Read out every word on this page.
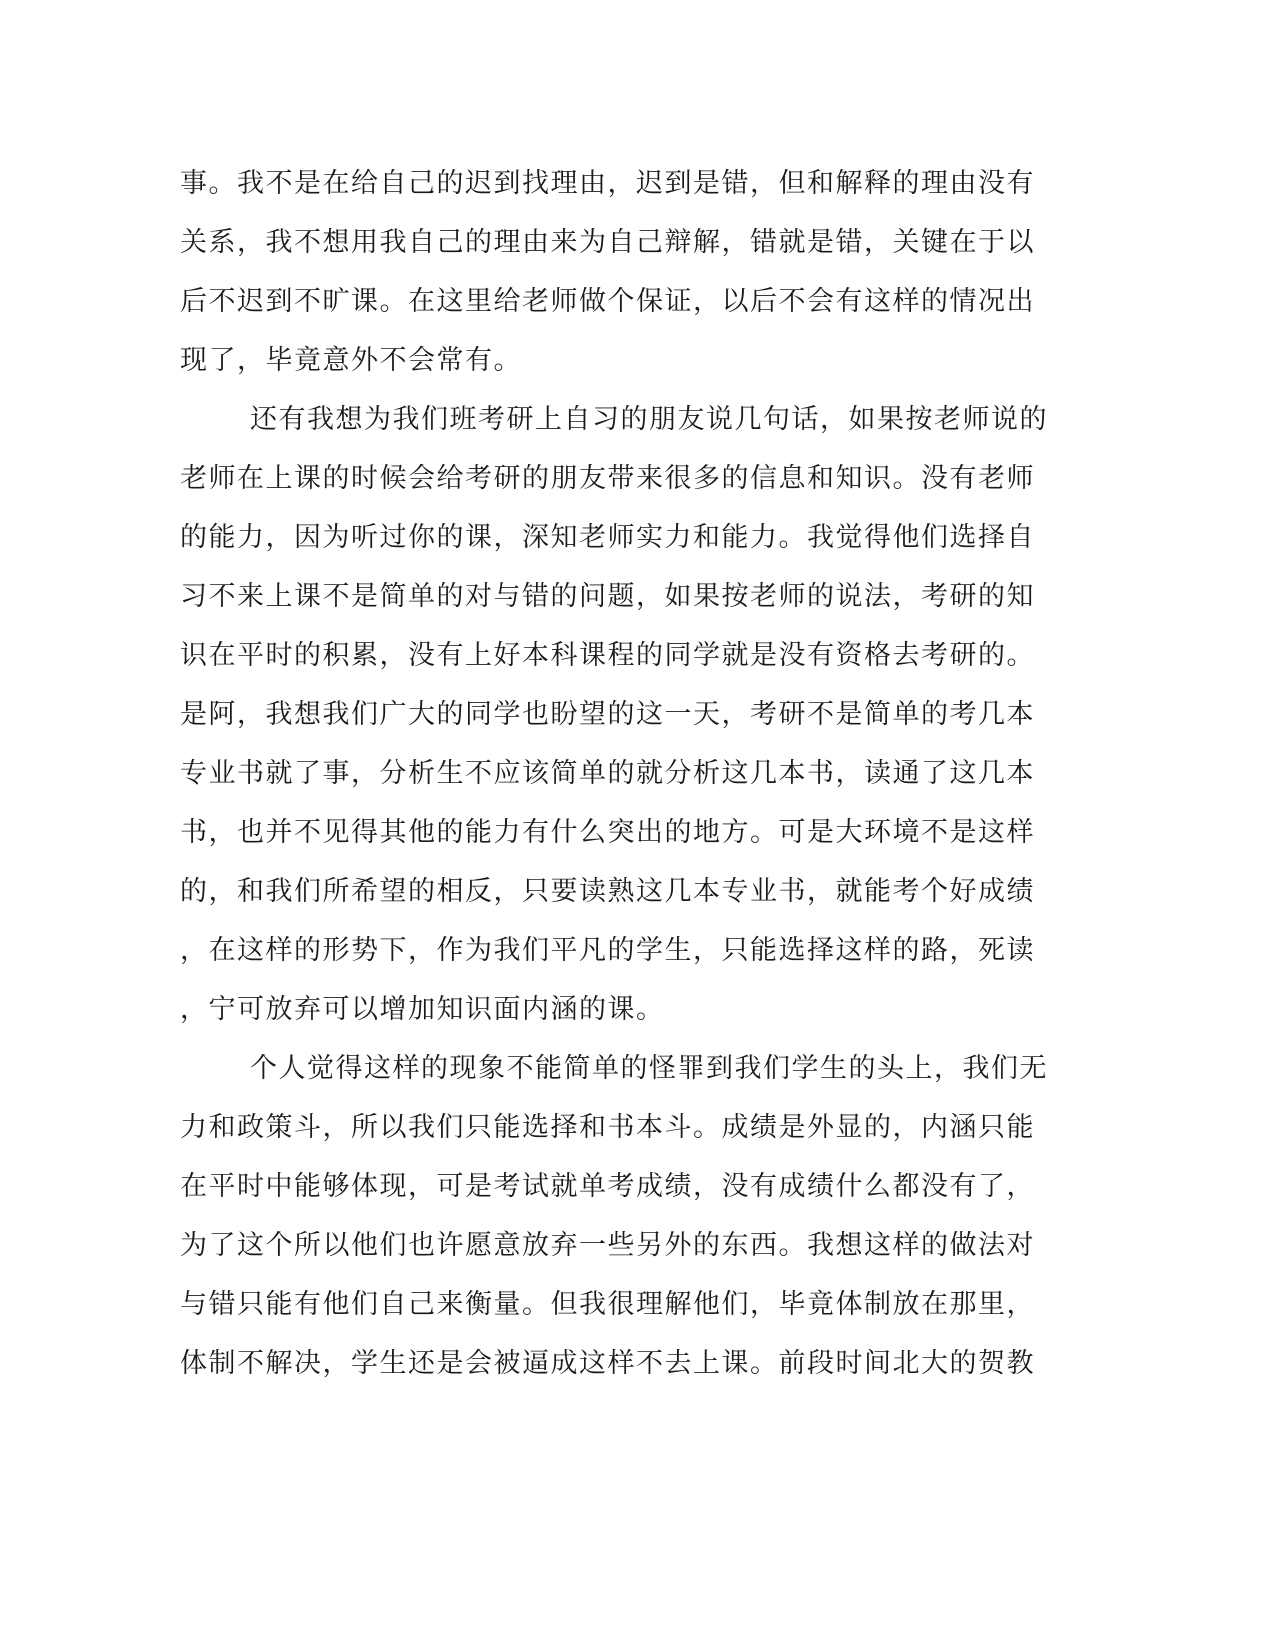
事。我不是在给自己的迟到找理由，迟到是错，但和解释的理由没有
关系，我不想用我自己的理由来为自己辩解，错就是错，关键在于以
后不迟到不旷课。在这里给老师做个保证，以后不会有这样的情况出
现了，毕竟意外不会常有。
还有我想为我们班考研上自习的朋友说几句话，如果按老师说的
老师在上课的时候会给考研的朋友带来很多的信息和知识。没有老师
的能力，因为听过你的课，深知老师实力和能力。我觉得他们选择自
习不来上课不是简单的对与错的问题，如果按老师的说法，考研的知
识在平时的积累，没有上好本科课程的同学就是没有资格去考研的。
是阿，我想我们广大的同学也盼望的这一天，考研不是简单的考几本
专业书就了事，分析生不应该简单的就分析这几本书，读通了这几本
书，也并不见得其他的能力有什么突出的地方。可是大环境不是这样
的，和我们所希望的相反，只要读熟这几本专业书，就能考个好成绩
，在这样的形势下，作为我们平凡的学生，只能选择这样的路，死读
，宁可放弃可以增加知识面内涵的课。
个人觉得这样的现象不能简单的怪罪到我们学生的头上，我们无
力和政策斗，所以我们只能选择和书本斗。成绩是外显的，内涵只能
在平时中能够体现，可是考试就单考成绩，没有成绩什么都没有了，
为了这个所以他们也许愿意放弃一些另外的东西。我想这样的做法对
与错只能有他们自己来衡量。但我很理解他们，毕竟体制放在那里，
体制不解决，学生还是会被逼成这样不去上课。前段时间北大的贺教
